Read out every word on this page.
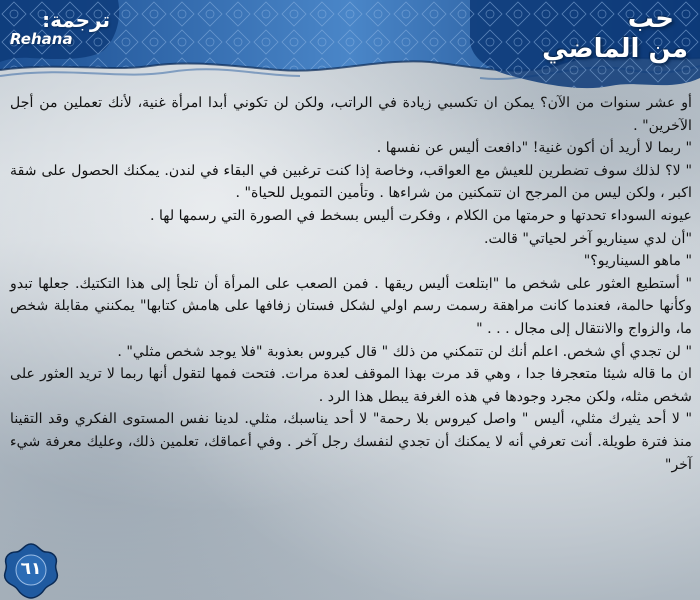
ترجمة:
Rehana
حب
من الماضي

أو عشر سنوات من الآن؟ يمكن ان تكسبي زيادة في الراتب، ولكن لن تكوني أبدا امرأة غنية، لأنك تعملين من أجل الآخرين" .

" ربما لا أريد أن أكون غنية! "دافعت أليس عن نفسها .

" لا؟ لذلك سوف تضطرين للعيش مع العواقب، وخاصة إذا كنت ترغبين في البقاء في لندن. يمكنك الحصول على شقة اكبر ، ولكن ليس من المرجح ان تتمكنين من شراءها . وتأمين التمويل للحياة" .

عيونه السوداء تحدتها و حرمتها من الكلام ، وفكرت أليس بسخط في الصورة التي رسمها لها .

"أن لدي سيناريو آخر لحياتي" قالت.

" ماهو السيناريو؟"

" أستطيع العثور على شخص ما "ابتلعت أليس ريقها . فمن الصعب على المرأة أن تلجأ إلى هذا التكتيك. جعلها تبدو وكأنها حالمة، فعندما كانت مراهقة رسمت رسم اولي لشكل فستان زفافها على هامش كتابها" يمكنني مقابلة شخص ما، والزواج والانتقال إلى مجال . . . "

" لن تجدي أي شخص. اعلم أنك لن تتمكني من ذلك " قال كيروس بعذوبة "فلا يوجد شخص مثلي" .

ان ما قاله شيئا متعجرفا جدا ، وهي قد مرت بهذا الموقف لعدة مرات. فتحت فمها لتقول أنها ربما لا تريد العثور على شخص مثله، ولكن مجرد وجودها في هذه الغرفة يبطل هذا الرد .

" لا أحد يثيرك مثلي، أليس " واصل كيروس بلا رحمة" لا أحد يناسبك، مثلي. لدينا نفس المستوى الفكري وقد التقينا منذ فترة طويلة. أنت تعرفي أنه لا يمكنك أن تجدي لنفسك رجل آخر . وفي أعماقك، تعلمين ذلك، وعليك معرفة شيء آخر"

٦١
